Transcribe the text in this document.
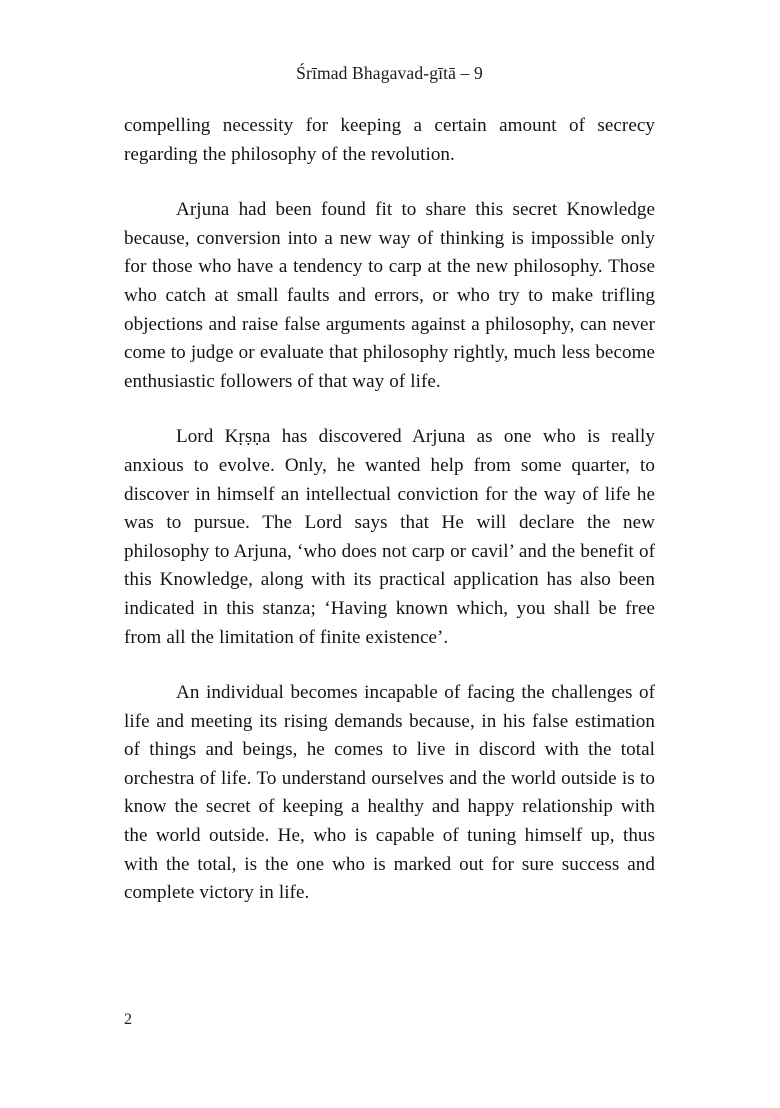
Śrīmad Bhagavad-gītā – 9

compelling necessity for keeping a certain amount of secrecy regarding the philosophy of the revolution.

Arjuna had been found fit to share this secret Knowledge because, conversion into a new way of thinking is impossible only for those who have a tendency to carp at the new philosophy. Those who catch at small faults and errors, or who try to make trifling objections and raise false arguments against a philosophy, can never come to judge or evaluate that philosophy rightly, much less become enthusiastic followers of that way of life.

Lord Kṛṣṇa has discovered Arjuna as one who is really anxious to evolve. Only, he wanted help from some quarter, to discover in himself an intellectual conviction for the way of life he was to pursue. The Lord says that He will declare the new philosophy to Arjuna, ‘who does not carp or cavil’ and the benefit of this Knowledge, along with its practical application has also been indicated in this stanza; ‘Having known which, you shall be free from all the limitation of finite existence’.

An individual becomes incapable of facing the challenges of life and meeting its rising demands because, in his false estimation of things and beings, he comes to live in discord with the total orchestra of life. To understand ourselves and the world outside is to know the secret of keeping a healthy and happy relationship with the world outside. He, who is capable of tuning himself up, thus with the total, is the one who is marked out for sure success and complete victory in life.

2
